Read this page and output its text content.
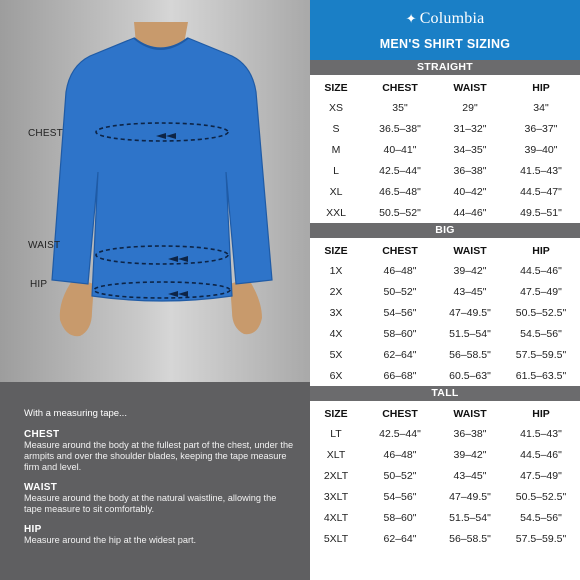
CHEST
WAIST
HIP
With a measuring tape...
CHEST
Measure around the body at the fullest part of the chest, under the armpits and over the shoulder blades, keeping the tape measure firm and level.
WAIST
Measure around the body at the natural waistline, allowing the tape measure to sit comfortably.
HIP
Measure around the hip at the widest part.
✦ Columbia
MEN'S SHIRT SIZING
STRAIGHT
SIZE	CHEST	WAIST	HIP
XS	35"	29"	34"
S	36.5–38"	31–32"	36–37"
M	40–41"	34–35"	39–40"
L	42.5–44"	36–38"	41.5–43"
XL	46.5–48"	40–42"	44.5–47"
XXL	50.5–52"	44–46"	49.5–51"
BIG
SIZE	CHEST	WAIST	HIP
1X	46–48"	39–42"	44.5–46"
2X	50–52"	43–45"	47.5–49"
3X	54–56"	47–49.5"	50.5–52.5"
4X	58–60"	51.5–54"	54.5–56"
5X	62–64"	56–58.5"	57.5–59.5"
6X	66–68"	60.5–63"	61.5–63.5"
TALL
SIZE	CHEST	WAIST	HIP
LT	42.5–44"	36–38"	41.5–43"
XLT	46–48"	39–42"	44.5–46"
2XLT	50–52"	43–45"	47.5–49"
3XLT	54–56"	47–49.5"	50.5–52.5"
4XLT	58–60"	51.5–54"	54.5–56"
5XLT	62–64"	56–58.5"	57.5–59.5"
